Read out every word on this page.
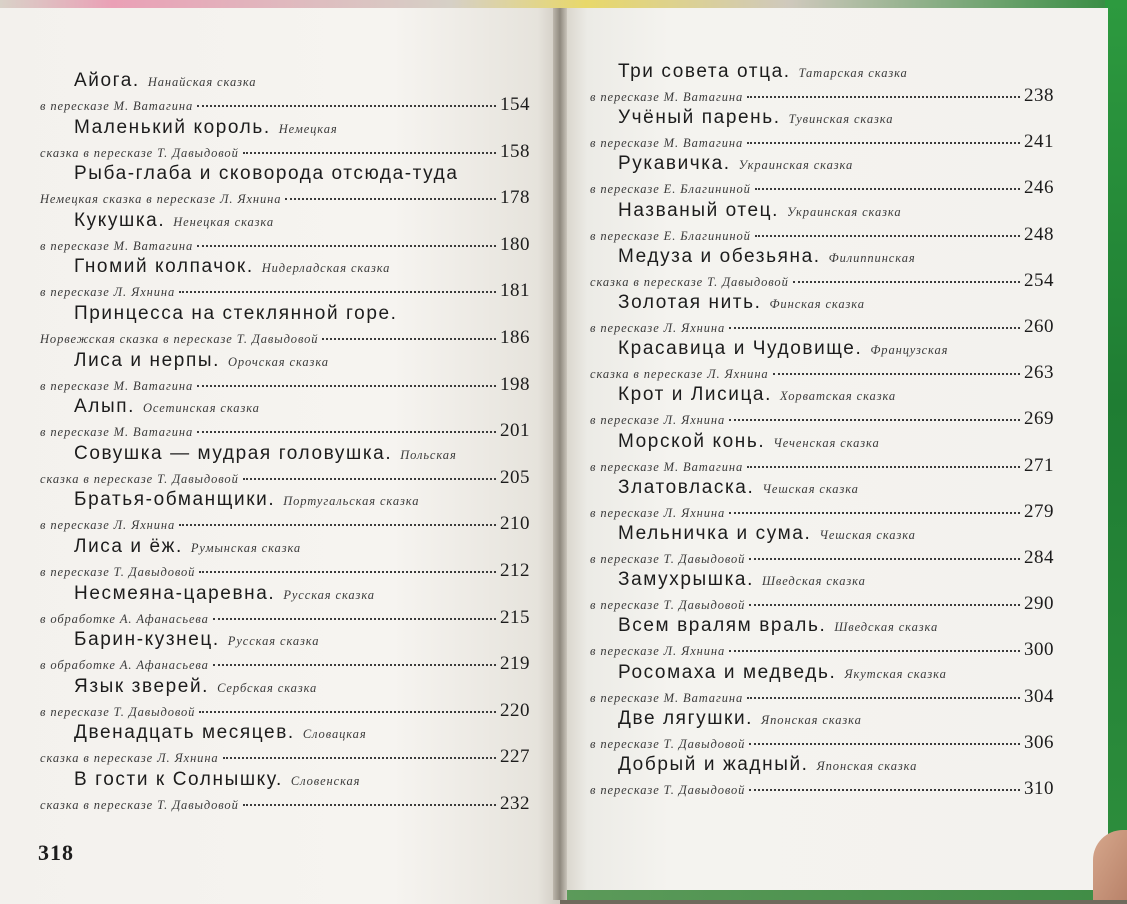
Айога. Нанайская сказка
в пересказе М. Ватагина	154
Маленький король. Немецкая
сказка в пересказе Т. Давыдовой	158
Рыба-глаба и сковорода отсюда-туда
Немецкая сказка в пересказе Л. Яхнина	178
Кукушка. Ненецкая сказка
в пересказе М. Ватагина	180
Гномий колпачок. Нидерладская сказка
в пересказе Л. Яхнина	181
Принцесса на стеклянной горе.
Норвежская сказка в пересказе Т. Давыдовой	186
Лиса и нерпы. Орочская сказка
в пересказе М. Ватагина	198
Алып. Осетинская сказка
в пересказе М. Ватагина	201
Совушка — мудрая головушка. Польская
сказка в пересказе Т. Давыдовой	205
Братья-обманщики. Португальская сказка
в пересказе Л. Яхнина	210
Лиса и ёж. Румынская сказка
в пересказе Т. Давыдовой	212
Несмеяна-царевна. Русская сказка
в обработке А. Афанасьева	215
Барин-кузнец. Русская сказка
в обработке А. Афанасьева	219
Язык зверей. Сербская сказка
в пересказе Т. Давыдовой	220
Двенадцать месяцев. Словацкая
сказка в пересказе Л. Яхнина	227
В гости к Солнышку. Словенская
сказка в пересказе Т. Давыдовой	232
318
Три совета отца. Татарская сказка
в пересказе М. Ватагина	238
Учёный парень. Тувинская сказка
в пересказе М. Ватагина	241
Рукавичка. Украинская сказка
в пересказе Е. Благининой	246
Названый отец. Украинская сказка
в пересказе Е. Благининой	248
Медуза и обезьяна. Филиппинская
сказка в пересказе Т. Давыдовой	254
Золотая нить. Финская сказка
в пересказе Л. Яхнина	260
Красавица и Чудовище. Французская
сказка в пересказе Л. Яхнина	263
Крот и Лисица. Хорватская сказка
в пересказе Л. Яхнина	269
Морской конь. Чеченская сказка
в пересказе М. Ватагина	271
Златовласка. Чешская сказка
в пересказе Л. Яхнина	279
Мельничка и сума. Чешская сказка
в пересказе Т. Давыдовой	284
Замухрышка. Шведская сказка
в пересказе Т. Давыдовой	290
Всем вралям враль. Шведская сказка
в пересказе Л. Яхнина	300
Росомаха и медведь. Якутская сказка
в пересказе М. Ватагина	304
Две лягушки. Японская сказка
в пересказе Т. Давыдовой	306
Добрый и жадный. Японская сказка
в пересказе Т. Давыдовой	310
